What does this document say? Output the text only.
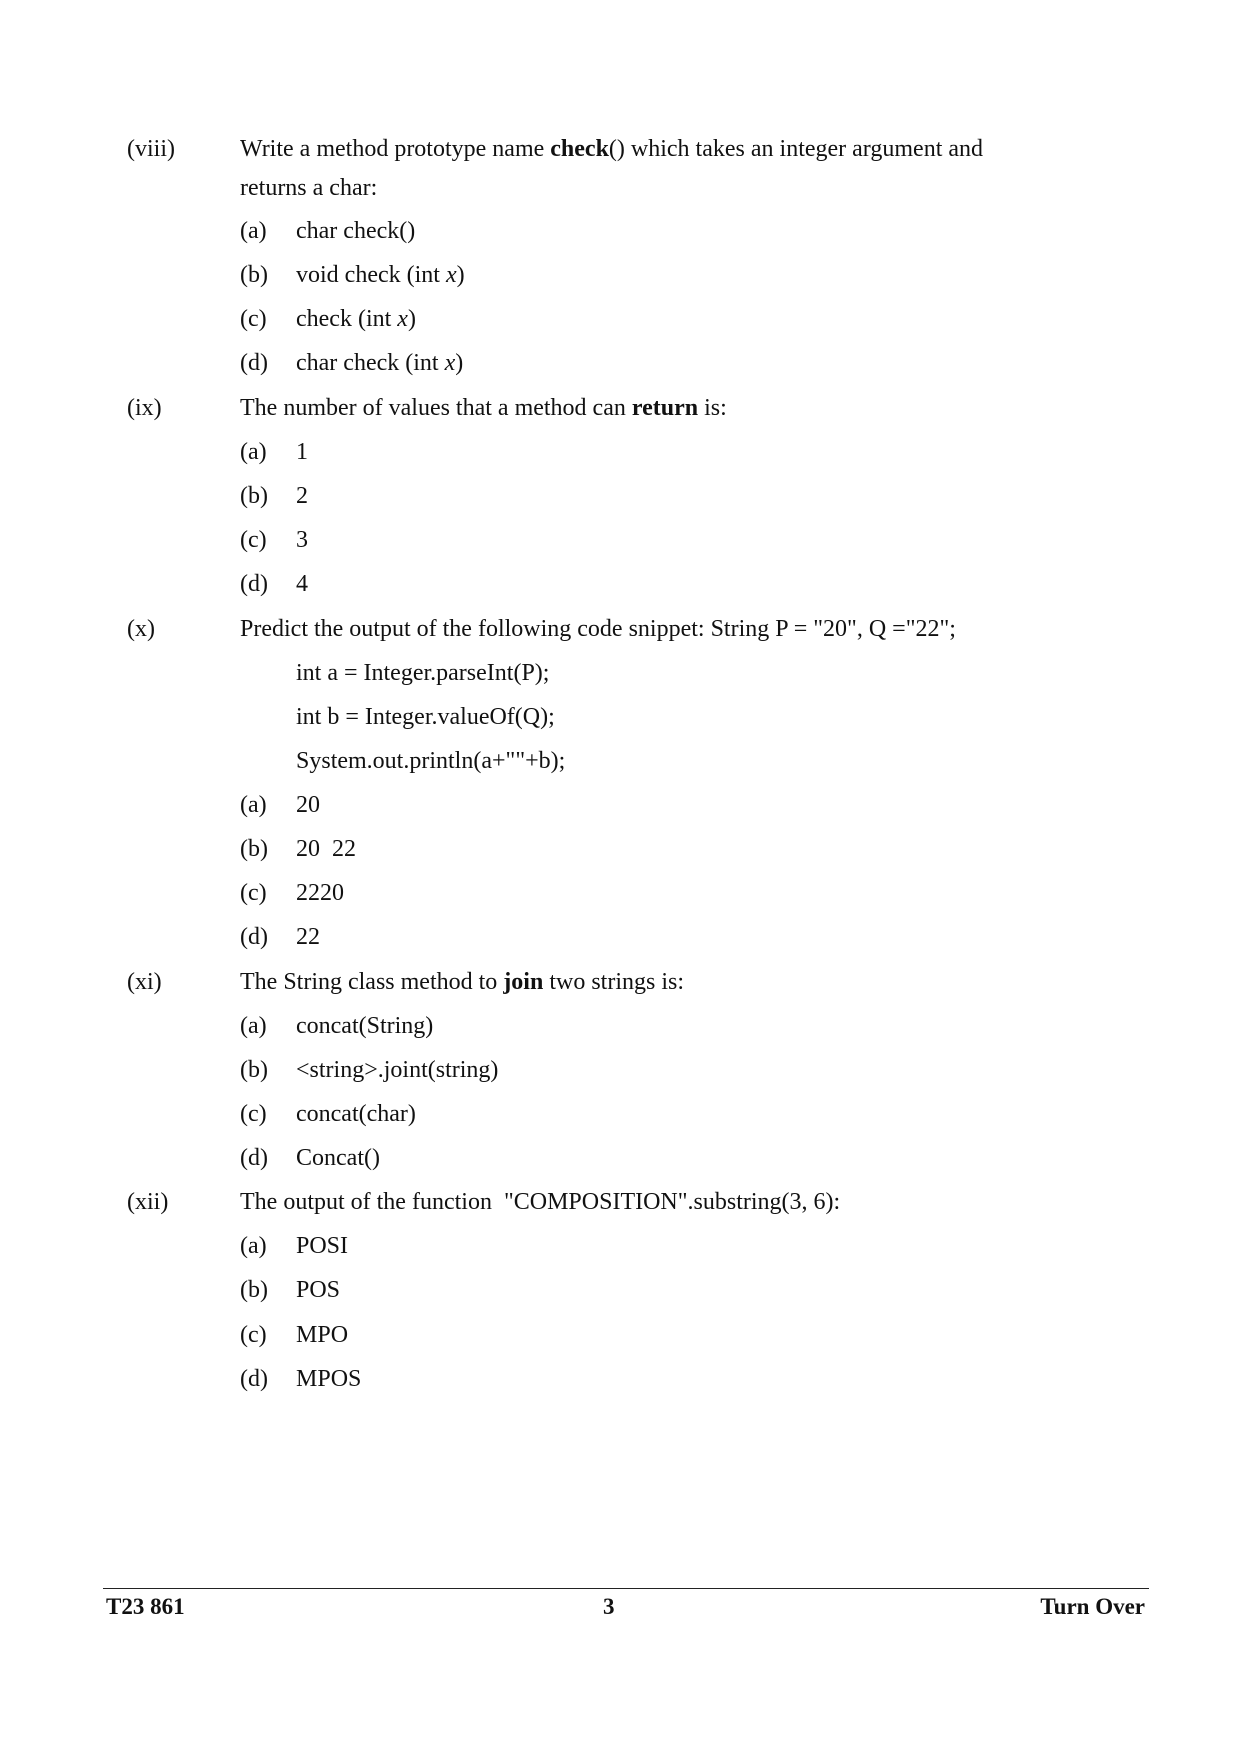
(viii)	Write a method prototype name check() which takes an integer argument and
returns a char:
(a) char check()
(b) void check (int x)
(c) check (int x)
(d) char check (int x)
(ix)	The number of values that a method can return is:
(a) 1
(b) 2
(c) 3
(d) 4
(x)	Predict the output of the following code snippet: String P = "20", Q ="22";
int a = Integer.parseInt(P);
int b = Integer.valueOf(Q);
System.out.println(a+""+b);
(a) 20
(b) 20  22
(c) 2220
(d) 22
(xi)	The String class method to join two strings is:
(a) concat(String)
(b) <string>.joint(string)
(c) concat(char)
(d) Concat()
(xii)	The output of the function  "COMPOSITION".substring(3, 6):
(a) POSI
(b) POS
(c) MPO
(d) MPOS
T23 861	3	Turn Over
